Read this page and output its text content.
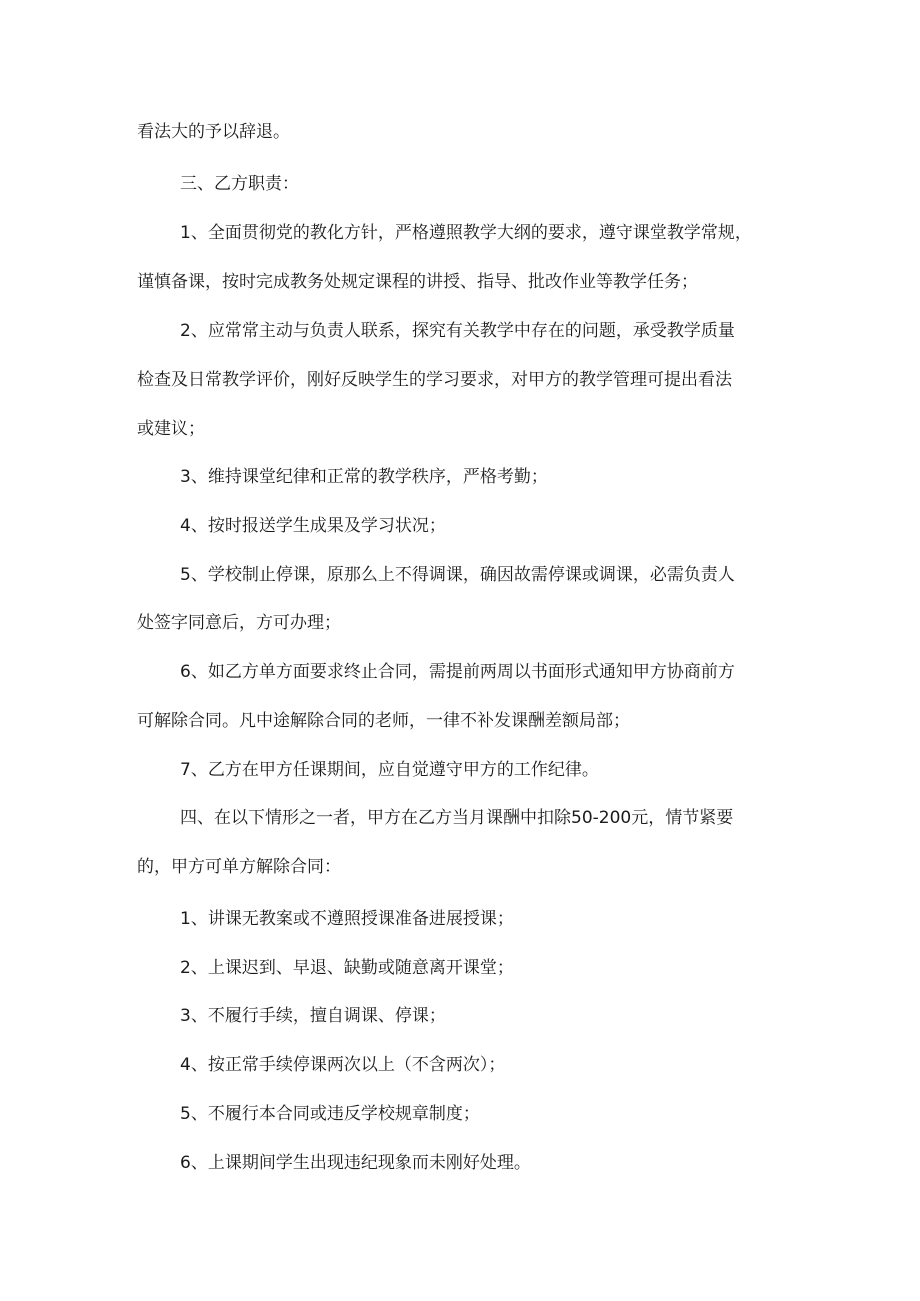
看法大的予以辞退。
三、乙方职责：
1、全面贯彻党的教化方针，严格遵照教学大纲的要求，遵守课堂教学常规，
谨慎备课，按时完成教务处规定课程的讲授、指导、批改作业等教学任务；
2、应常常主动与负责人联系，探究有关教学中存在的问题，承受教学质量
检查及日常教学评价，刚好反映学生的学习要求，对甲方的教学管理可提出看法
或建议；
3、维持课堂纪律和正常的教学秩序，严格考勤；
4、按时报送学生成果及学习状况；
5、学校制止停课，原那么上不得调课，确因故需停课或调课，必需负责人
处签字同意后，方可办理；
6、如乙方单方面要求终止合同，需提前两周以书面形式通知甲方协商前方
可解除合同。凡中途解除合同的老师，一律不补发课酬差额局部；
7、乙方在甲方任课期间，应自觉遵守甲方的工作纪律。
四、在以下情形之一者，甲方在乙方当月课酬中扣除50-200元，情节紧要
的，甲方可单方解除合同：
1、讲课无教案或不遵照授课准备进展授课；
2、上课迟到、早退、缺勤或随意离开课堂；
3、不履行手续，擅自调课、停课；
4、按正常手续停课两次以上（不含两次）；
5、不履行本合同或违反学校规章制度；
6、上课期间学生出现违纪现象而未刚好处理。
